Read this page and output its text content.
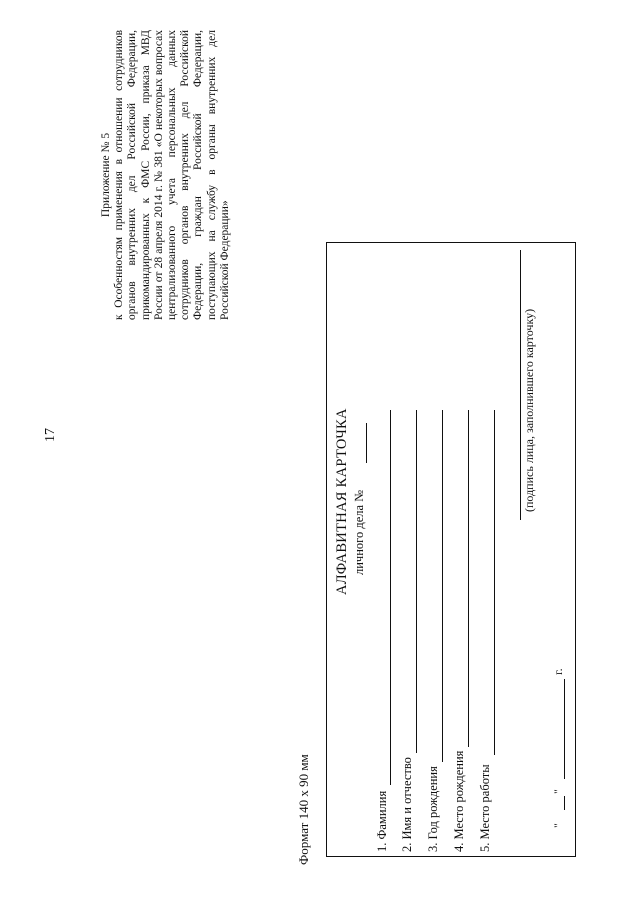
17
Приложение № 5 к Особенностям применения в отношении сотрудников органов внутренних дел Российской Федерации, прикомандированных к ФМС России, приказа МВД России от 28 апреля 2014 г. № 381 «О некоторых вопросах централизованного учета персональных данных сотрудников органов внутренних дел Российской Федерации, граждан Российской Федерации, поступающих на службу в органы внутренних дел Российской Федерации»
Формат 140 х 90 мм
АЛФАВИТНАЯ КАРТОЧКА личного дела №
1. Фамилия 2. Имя и отчество 3. Год рождения 4. Место рождения 5. Место работы
(подпись лица, заполнившего карточку)
"
"
г.
